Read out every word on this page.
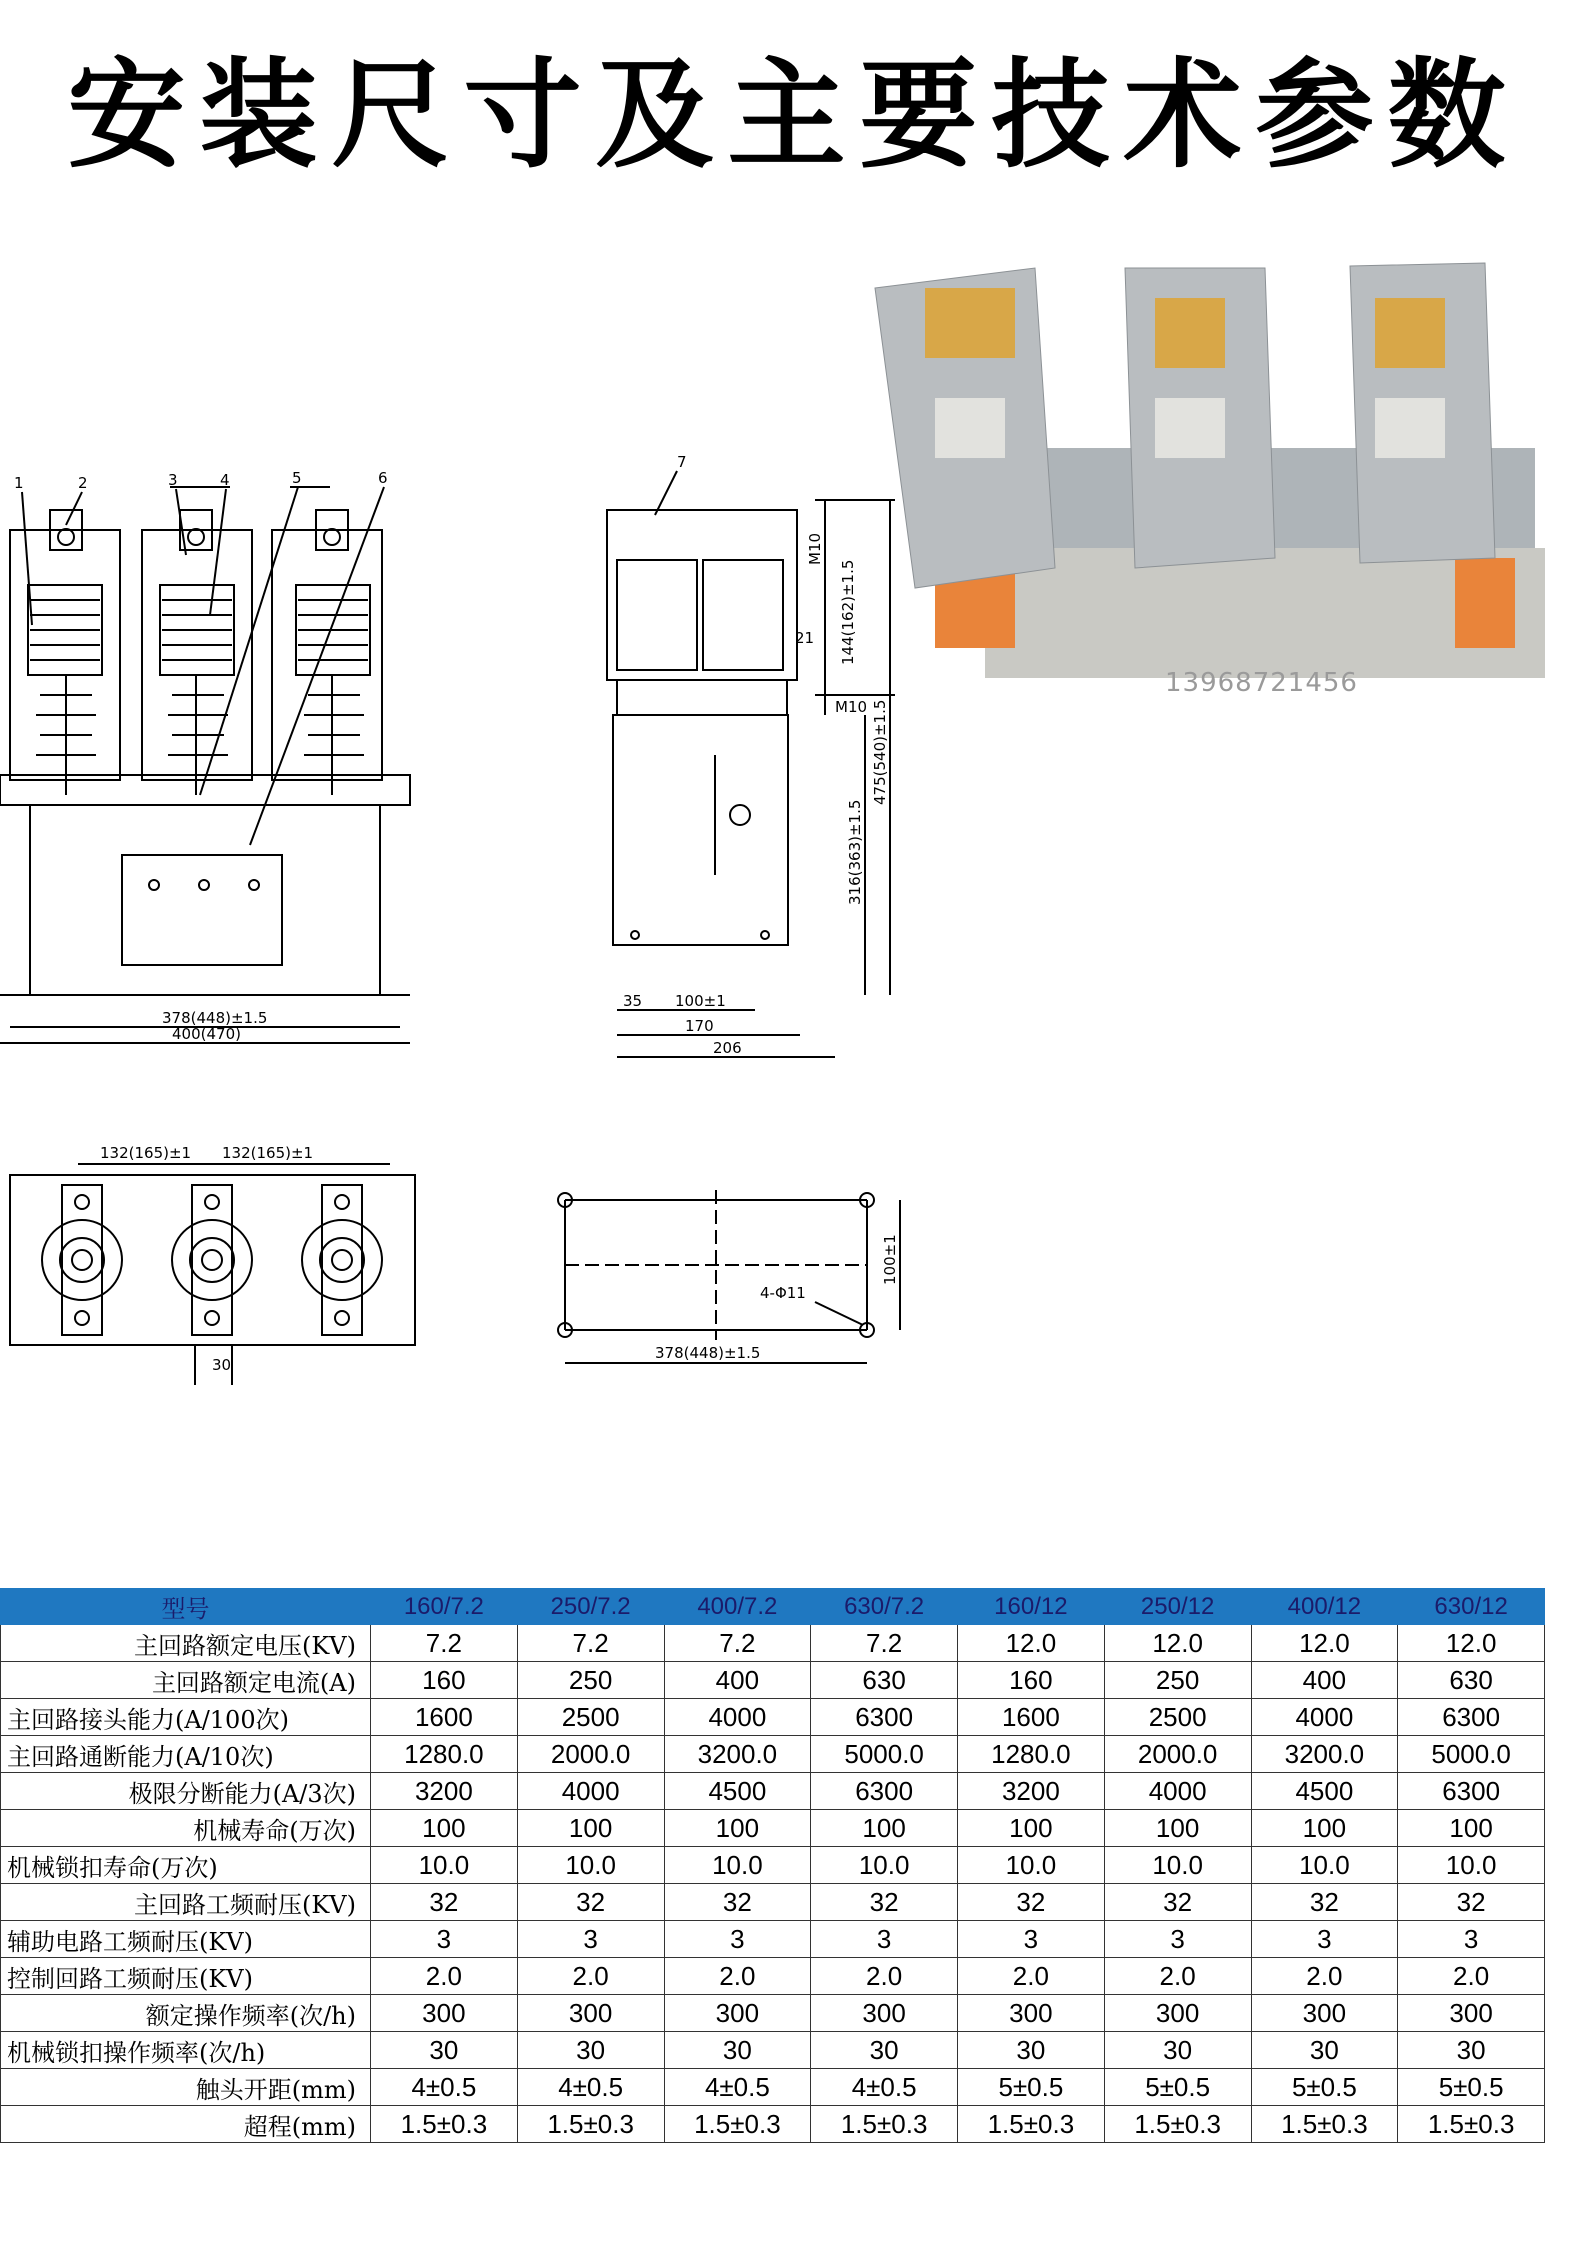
安装尺寸及主要技术参数
1	2	3	4	5	6
378(448)±1.5
400(470)
7
M10
144(162)±1.5
21
M10 475(540)±1.5
316(363)±1.5
35 100±1
170
206
13968721456
132(165)±1 132(165)±1
30
100±1
4-Φ11
378(448)±1.5
型号	160/7.2	250/7.2	400/7.2	630/7.2	160/12	250/12	400/12	630/12
主回路额定电压(KV)	7.2	7.2	7.2	7.2	12.0	12.0	12.0	12.0
主回路额定电流(A)	160	250	400	630	160	250	400	630
主回路接头能力(A/100次)	1600	2500	4000	6300	1600	2500	4000	6300
主回路通断能力(A/10次)	1280.0	2000.0	3200.0	5000.0	1280.0	2000.0	3200.0	5000.0
极限分断能力(A/3次)	3200	4000	4500	6300	3200	4000	4500	6300
机械寿命(万次)	100	100	100	100	100	100	100	100
机械锁扣寿命(万次)	10.0	10.0	10.0	10.0	10.0	10.0	10.0	10.0
主回路工频耐压(KV)	32	32	32	32	32	32	32	32
辅助电路工频耐压(KV)	3	3	3	3	3	3	3	3
控制回路工频耐压(KV)	2.0	2.0	2.0	2.0	2.0	2.0	2.0	2.0
额定操作频率(次/h)	300	300	300	300	300	300	300	300
机械锁扣操作频率(次/h)	30	30	30	30	30	30	30	30
触头开距(mm)	4±0.5	4±0.5	4±0.5	4±0.5	5±0.5	5±0.5	5±0.5	5±0.5
超程(mm)	1.5±0.3	1.5±0.3	1.5±0.3	1.5±0.3	1.5±0.3	1.5±0.3	1.5±0.3	1.5±0.3
